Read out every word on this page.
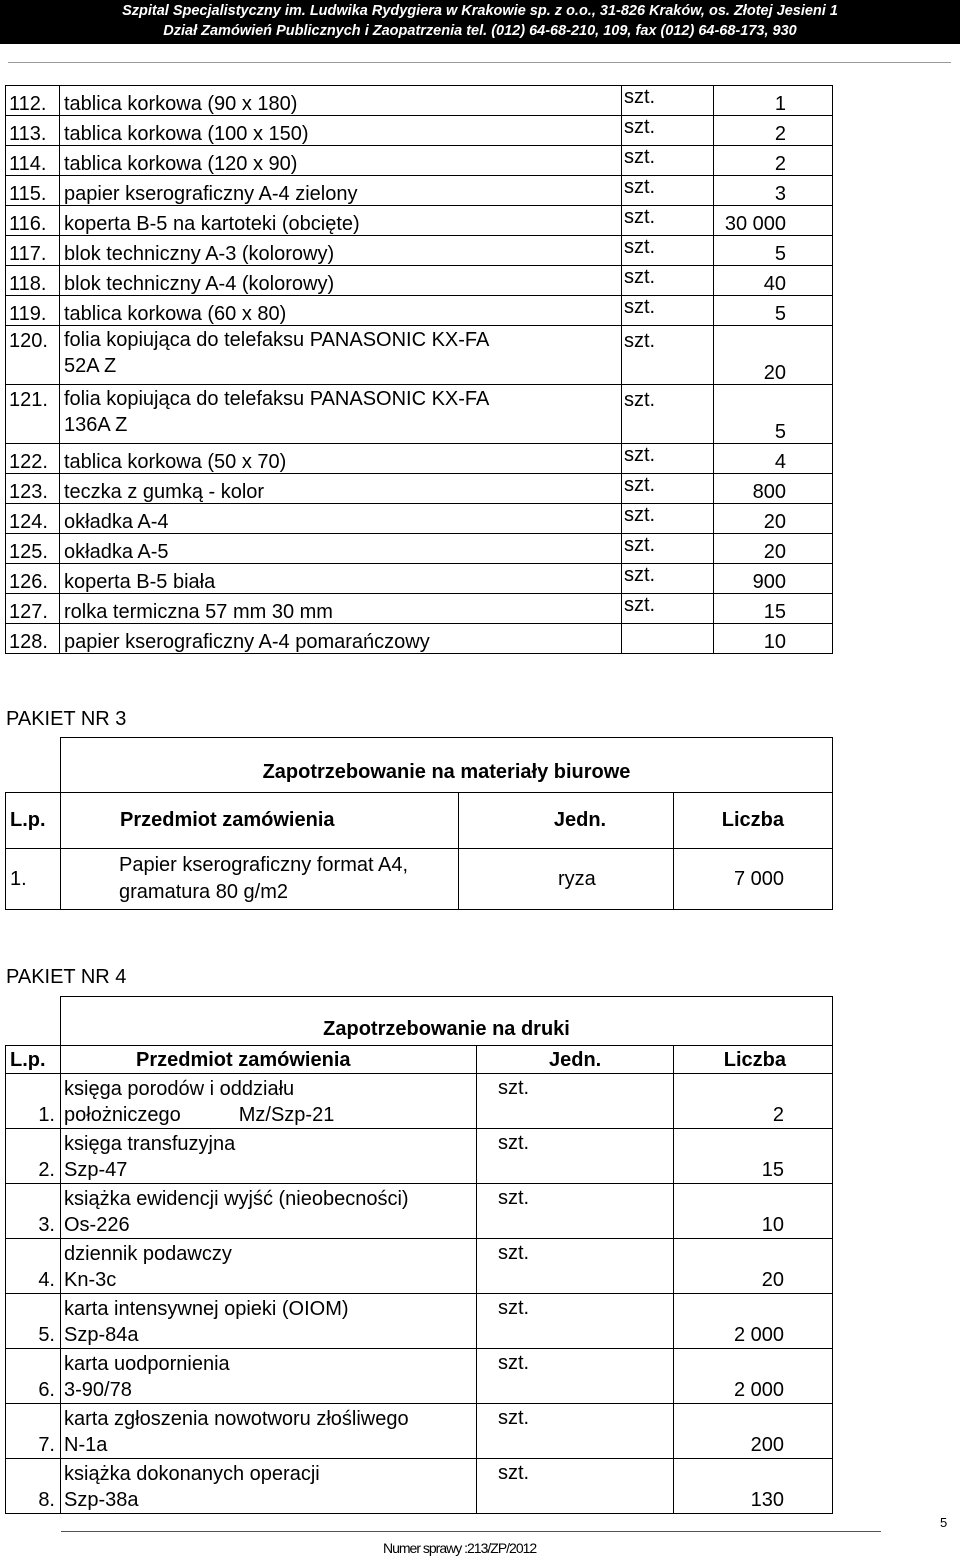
Szpital Specjalistyczny im. Ludwika Rydygiera w Krakowie sp. z o.o., 31-826 Kraków, os. Złotej Jesieni 1
Dział Zamówień Publicznych i Zaopatrzenia tel. (012) 64-68-210, 109, fax (012) 64-68-173, 930
112.	tablica korkowa (90 x 180)	szt.	1
113.	tablica korkowa (100 x 150)	szt.	2
114.	tablica korkowa (120 x 90)	szt.	2
115.	papier kserograficzny A-4 zielony	szt.	3
116.	koperta B-5 na kartoteki (obcięte)	szt.	30 000
117.	blok techniczny A-3 (kolorowy)	szt.	5
118.	blok techniczny A-4 (kolorowy)	szt.	40
119.	tablica korkowa (60 x 80)	szt.	5
120.	folia kopiująca do telefaksu PANASONIC KX-FA
52A Z	szt.	20
121.	folia kopiująca do telefaksu PANASONIC KX-FA
136A Z	szt.	5
122.	tablica korkowa (50 x 70)	szt.	4
123.	teczka z gumką - kolor	szt.	800
124.	okładka A-4	szt.	20
125.	okładka A-5	szt.	20
126.	koperta B-5 biała	szt.	900
127.	rolka termiczna 57 mm 30 mm	szt.	15
128.	papier kserograficzny A-4 pomarańczowy		10
PAKIET NR 3
	Zapotrzebowanie na materiały biurowe		
L.p.	Przedmiot zamówienia	Jedn.	Liczba
1.	Papier kserograficzny format A4,
gramatura 80 g/m2	ryza	7 000
PAKIET NR 4
	Zapotrzebowanie na druki		
L.p.	Przedmiot zamówienia	Jedn.	Liczba
1.	księga porodów i oddziału
położniczego Mz/Szp-21	szt.	2
2.	księga transfuzyjna
Szp-47	szt.	15
3.	książka ewidencji wyjść (nieobecności)
Os-226	szt.	10
4.	dziennik podawczy
Kn-3c	szt.	20
5.	karta intensywnej opieki (OIOM)
Szp-84a	szt.	2 000
6.	karta uodpornienia
3-90/78	szt.	2 000
7.	karta zgłoszenia nowotworu złośliwego
N-1a	szt.	200
8.	książka dokonanych operacji
Szp-38a	szt.	130
5
Numer sprawy :213/ZP/2012
